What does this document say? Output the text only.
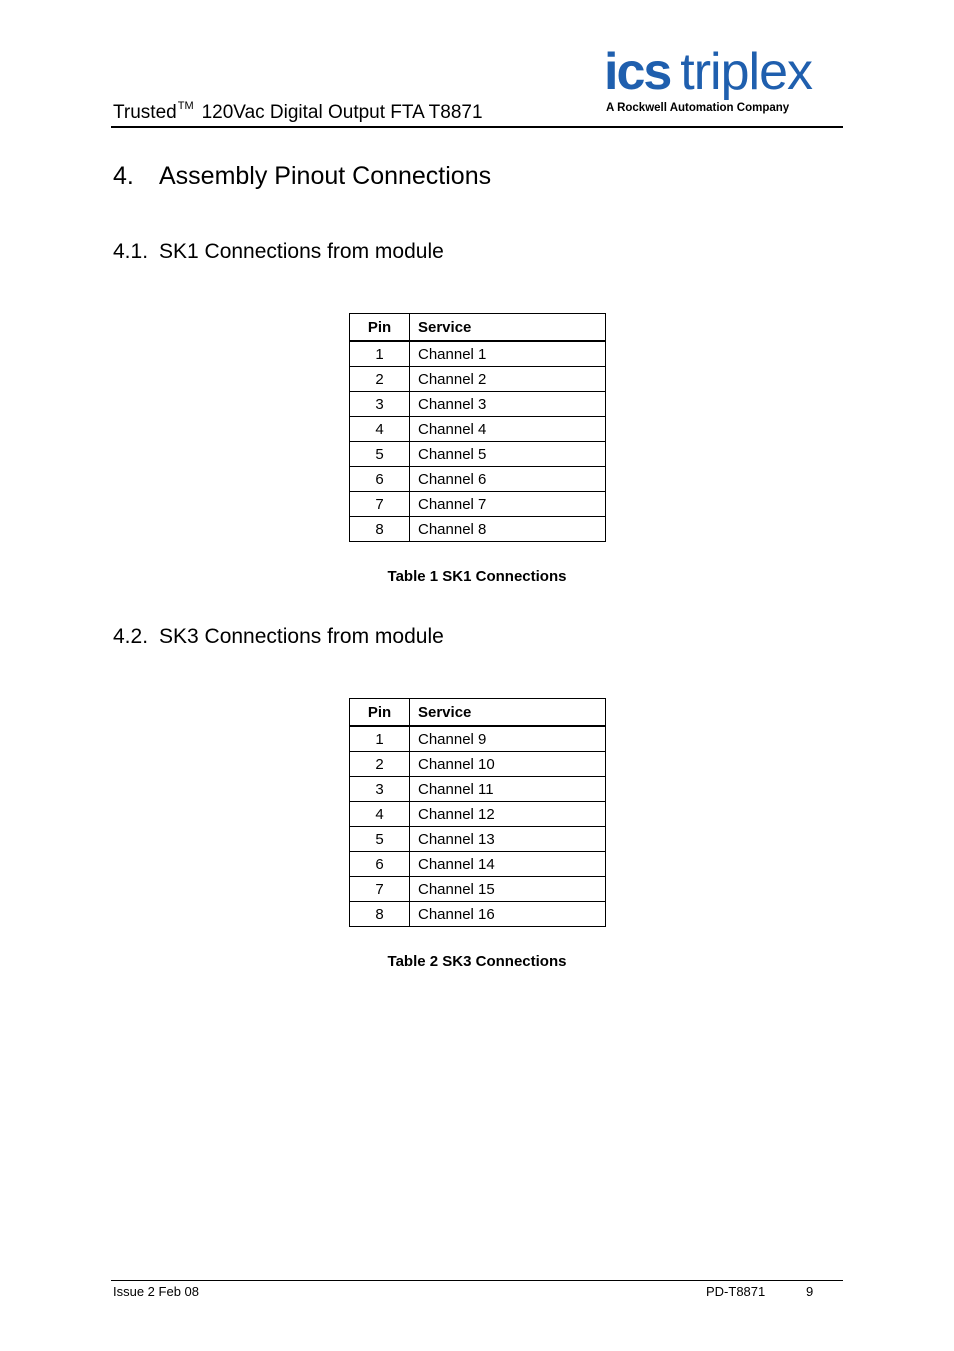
Trusted™ 120Vac Digital Output FTA T8871
ics triplex
A Rockwell Automation Company
4. Assembly Pinout Connections
4.1. SK1 Connections from module
Pin	Service
1	Channel 1
2	Channel 2
3	Channel 3
4	Channel 4
5	Channel 5
6	Channel 6
7	Channel 7
8	Channel 8
Table 1 SK1 Connections
4.2. SK3 Connections from module
Pin	Service
1	Channel 9
2	Channel 10
3	Channel 11
4	Channel 12
5	Channel 13
6	Channel 14
7	Channel 15
8	Channel 16
Table 2 SK3 Connections
Issue 2 Feb 08	PD-T8871	9
